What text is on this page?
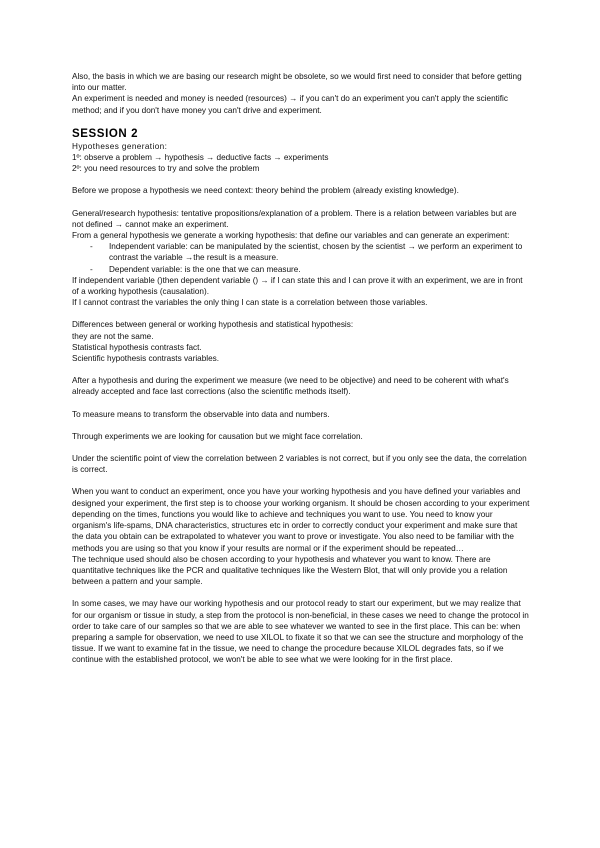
Also, the basis in which we are basing our research might be obsolete, so we would first need to consider that before getting into our matter.

An experiment is needed and money is needed (resources) → if you can't do an experiment you can't apply the scientific method; and if you don't have money you can't drive and experiment.

SESSION 2

Hypotheses generation:

1º: observe a problem → hypothesis → deductive facts → experiments

2º: you need resources to try and solve the problem

Before we propose a hypothesis we need context: theory behind the problem (already existing knowledge).

General/research hypothesis: tentative propositions/explanation of a problem. There is a relation between variables but are not defined → cannot make an experiment.

From a general hypothesis we generate a working hypothesis: that define our variables and can generate an experiment:

- Independent variable: can be manipulated by the scientist, chosen by the scientist → we perform an experiment to contrast the variable →the result is a measure.
- Dependent variable: is the one that we can measure.

If independent variable ()then dependent variable () → if I can state this and I can prove it with an experiment, we are in front of a working hypothesis (causalation).

If I cannot contrast the variables the only thing I can state is a correlation between those variables.

Differences between general or working hypothesis and statistical hypothesis:

they are not the same.

Statistical hypothesis contrasts fact.

Scientific hypothesis contrasts variables.

After a hypothesis and during the experiment we measure (we need to be objective) and need to be coherent with what's already accepted and face last corrections (also the scientific methods itself).

To measure means to transform the observable into data and numbers.

Through experiments we are looking for causation but we might face correlation.

Under the scientific point of view the correlation between 2 variables is not correct, but if you only see the data, the correlation is correct.

When you want to conduct an experiment, once you have your working hypothesis and you have defined your variables and designed your experiment, the first step is to choose your working organism. It should be chosen according to your experiment depending on the times, functions you would like to achieve and techniques you want to use. You need to know your organism's life-spams, DNA characteristics, structures etc in order to correctly conduct your experiment and make sure that the data you obtain can be extrapolated to whatever you want to prove or investigate. You also need to be familiar with the methods you are using so that you know if your results are normal or if the experiment should be repeated…

The technique used should also be chosen according to your hypothesis and whatever you want to know. There are quantitative techniques like the PCR and qualitative techniques like the Western Blot, that will only provide you a relation between a pattern and your sample.

In some cases, we may have our working hypothesis and our protocol ready to start our experiment, but we may realize that for our organism or tissue in study, a step from the protocol is non-beneficial, in these cases we need to change the protocol in order to take care of our samples so that we are able to see whatever we wanted to see in the first place. This can be: when preparing a sample for observation, we need to use XILOL to fixate it so that we can see the structure and morphology of the tissue. If we want to examine fat in the tissue, we need to change the procedure because XILOL degrades fats, so if we continue with the established protocol, we won't be able to see what we were looking for in the first place.
